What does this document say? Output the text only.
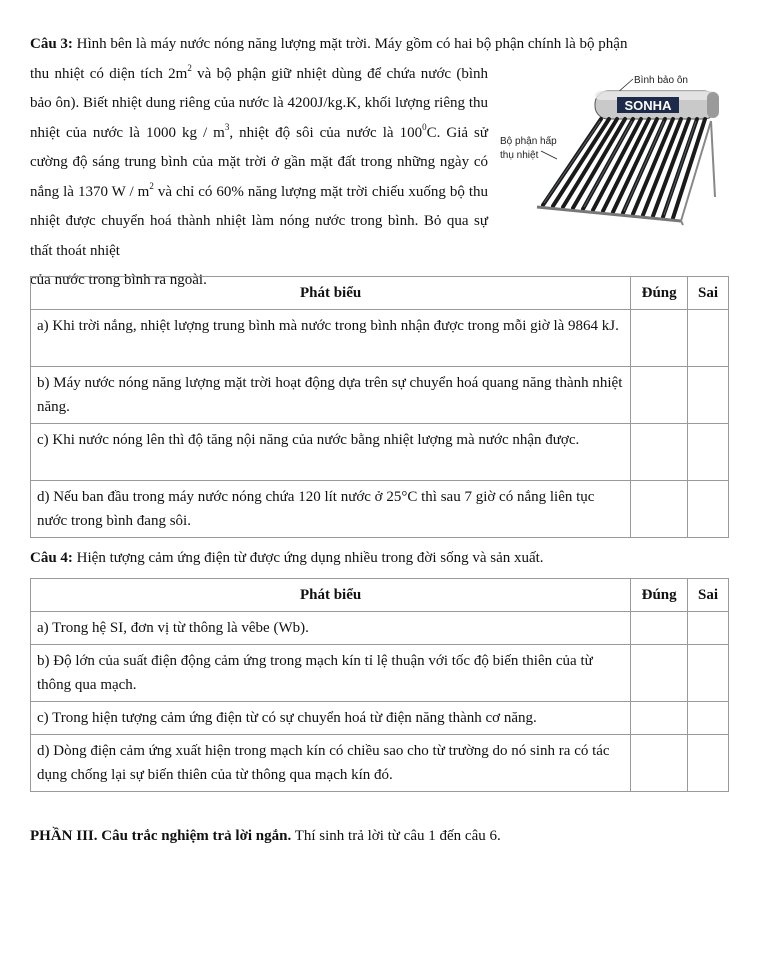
Câu 3: Hình bên là máy nước nóng năng lượng mặt trời. Máy gồm có hai bộ phận chính là bộ phận
thu nhiệt có diện tích $2m^2$ và bộ phận giữ nhiệt dùng để chứa nước (bình bảo ôn). Biết nhiệt dung riêng của nước là 4200J/kg.K, khối lượng riêng thu nhiệt của nước là 1000 kg / $m^3$, nhiệt độ sôi của nước là $100^0C$. Giả sử cường độ sáng trung bình của mặt trời ở gần mặt đất trong những ngày có nắng là 1370 W / $m^2$ và chỉ có 60% năng lượng mặt trời chiếu xuống bộ thu nhiệt được chuyển hoá thành nhiệt làm nóng nước trong bình. Bỏ qua sự thất thoát nhiệt
của nước trong bình ra ngoài.
Bình bảo ôn
SONHA
Bộ phận hấp
thụ nhiệt
Phát biểu	Đúng	Sai
a) Khi trời nắng, nhiệt lượng trung bình mà nước trong bình nhận được trong mỗi giờ là 9864 kJ.		
b) Máy nước nóng năng lượng mặt trời hoạt động dựa trên sự chuyển hoá quang năng thành nhiệt năng.		
c) Khi nước nóng lên thì độ tăng nội năng của nước bằng nhiệt lượng mà nước nhận được.		
d) Nếu ban đầu trong máy nước nóng chứa 120 lít nước ở 25°C thì sau 7 giờ có nắng liên tục nước trong bình đang sôi.		
Câu 4: Hiện tượng cảm ứng điện từ được ứng dụng nhiều trong đời sống và sản xuất.
Phát biểu	Đúng	Sai
a) Trong hệ SI, đơn vị từ thông là vêbe (Wb).		
b) Độ lớn của suất điện động cảm ứng trong mạch kín tỉ lệ thuận với tốc độ biến thiên của từ thông qua mạch.		
c) Trong hiện tượng cảm ứng điện từ có sự chuyển hoá từ điện năng thành cơ năng.		
d) Dòng điện cảm ứng xuất hiện trong mạch kín có chiều sao cho từ trường do nó sinh ra có tác dụng chống lại sự biến thiên của từ thông qua mạch kín đó.		
PHẦN III. Câu trắc nghiệm trả lời ngắn. Thí sinh trả lời từ câu 1 đến câu 6.
